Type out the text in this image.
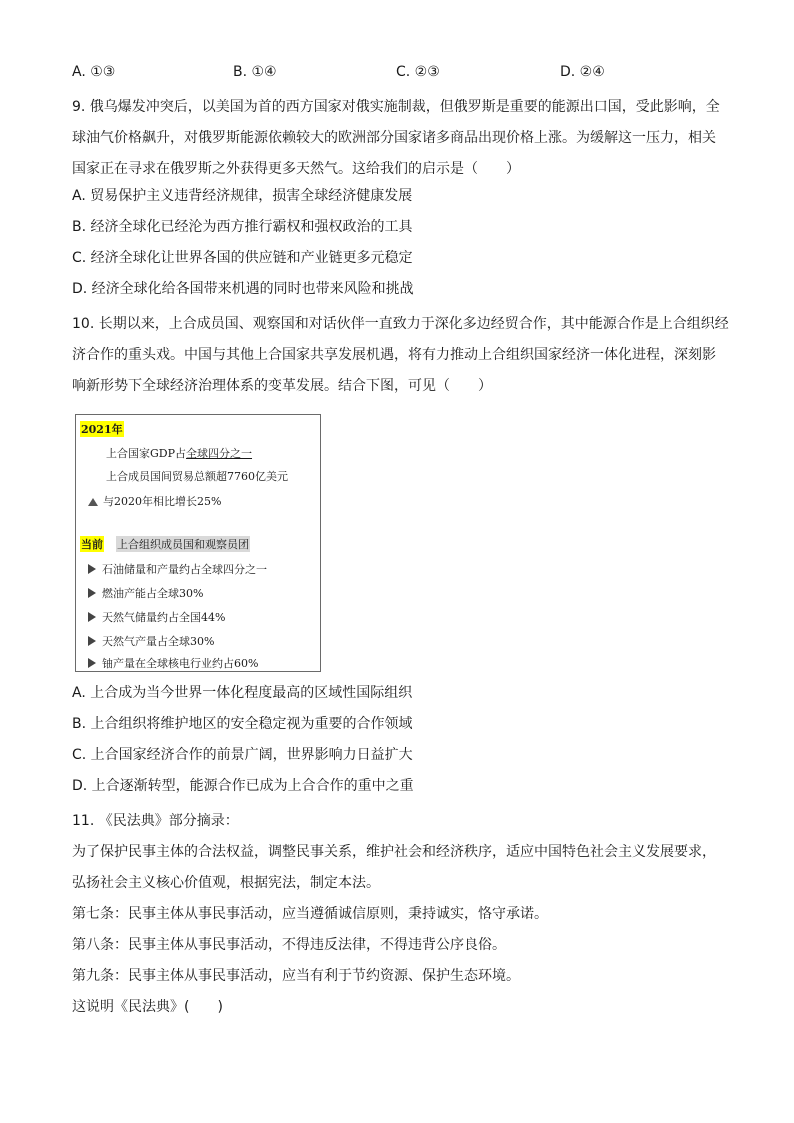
A. ①③	B. ①④	C. ②③	D. ②④
9. 俄乌爆发冲突后，以美国为首的西方国家对俄实施制裁，但俄罗斯是重要的能源出口国，受此影响，全
球油气价格飙升，对俄罗斯能源依赖较大的欧洲部分国家诸多商品出现价格上涨。为缓解这一压力，相关
国家正在寻求在俄罗斯之外获得更多天然气。这给我们的启示是（　　）
A. 贸易保护主义违背经济规律，损害全球经济健康发展
B. 经济全球化已经沦为西方推行霸权和强权政治的工具
C. 经济全球化让世界各国的供应链和产业链更多元稳定
D. 经济全球化给各国带来机遇的同时也带来风险和挑战
10. 长期以来，上合成员国、观察国和对话伙伴一直致力于深化多边经贸合作，其中能源合作是上合组织经
济合作的重头戏。中国与其他上合国家共享发展机遇，将有力推动上合组织国家经济一体化进程，深刻影
响新形势下全球经济治理体系的变革发展。结合下图，可见（　　）
2021年
上合国家GDP占全球四分之一
上合成员国间贸易总额超7760亿美元
与2020年相比增长25%
当前 上合组织成员国和观察员团
石油储量和产量约占全球四分之一
燃油产能占全球30%
天然气储量约占全国44%
天然气产量占全球30%
铀产量在全球核电行业约占60%
A. 上合成为当今世界一体化程度最高的区域性国际组织
B. 上合组织将维护地区的安全稳定视为重要的合作领域
C. 上合国家经济合作的前景广阔，世界影响力日益扩大
D. 上合逐渐转型，能源合作已成为上合合作的重中之重
11. 《民法典》部分摘录：
为了保护民事主体的合法权益，调整民事关系，维护社会和经济秩序，适应中国特色社会主义发展要求，
弘扬社会主义核心价值观，根据宪法，制定本法。
第七条：民事主体从事民事活动，应当遵循诚信原则，秉持诚实，恪守承诺。
第八条：民事主体从事民事活动，不得违反法律，不得违背公序良俗。
第九条：民事主体从事民事活动，应当有利于节约资源、保护生态环境。
这说明《民法典》(　　)
